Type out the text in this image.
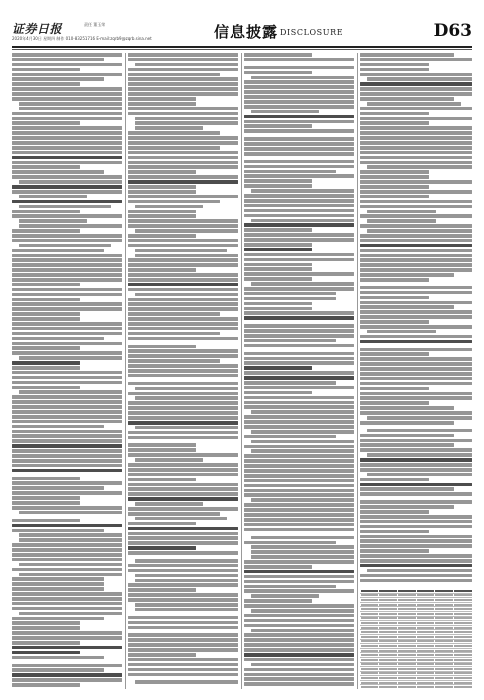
证券日报	责任 董玉荣
2020年4月30日 星期四 制作 010-83251716 E-mail:zqrb9@zqrb.sina.net	信息披露 DISCLOSURE	D63
